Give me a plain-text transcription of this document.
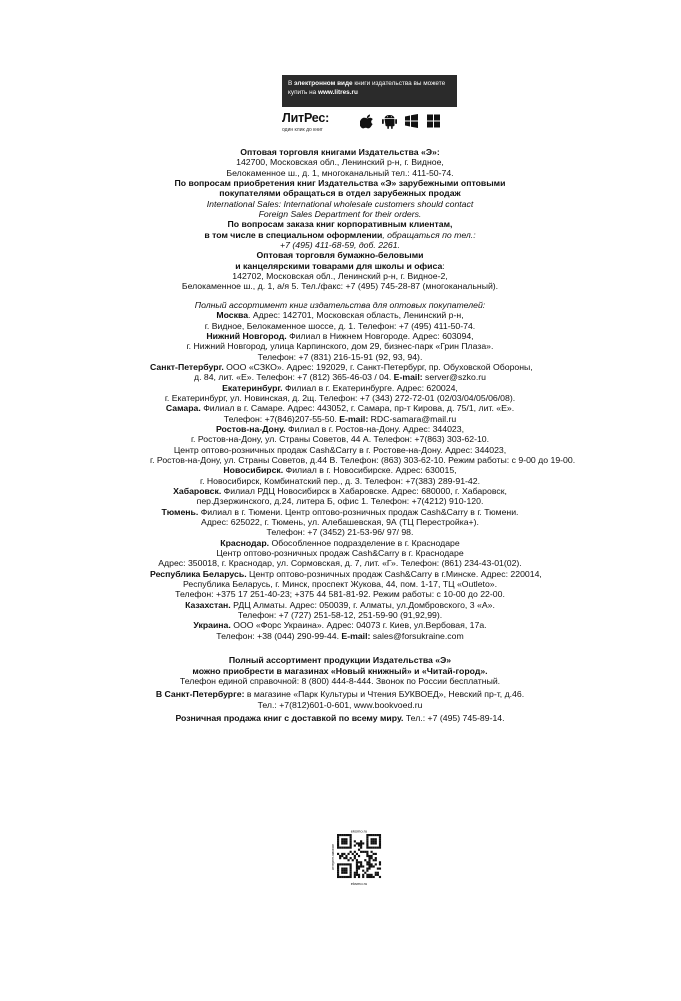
В электронном виде книги издательства вы можете
купить на www.litres.ru
ЛитРес:
один клик до книг

Оптовая торговля книгами Издательства «Э»:

142700, Московская обл., Ленинский р-н, г. Видное,

Белокаменное ш., д. 1, многоканальный тел.: 411-50-74.

По вопросам приобретения книг Издательства «Э» зарубежными оптовыми

покупателями обращаться в отдел зарубежных продаж

International Sales: International wholesale customers should contact

Foreign Sales Department for their orders.

По вопросам заказа книг корпоративным клиентам,

в том числе в специальном оформлении, обращаться по тел.:

+7 (495) 411-68-59, доб. 2261.

Оптовая торговля бумажно-беловыми

и канцелярскими товарами для школы и офиса:

142702, Московская обл., Ленинский р-н, г. Видное-2,

Белокаменное ш., д. 1, а/я 5. Тел./факс: +7 (495) 745-28-87 (многоканальный).

Полный ассортимент книг издательства для оптовых покупателей:

Москва. Адрес: 142701, Московская область, Ленинский р-н,

г. Видное, Белокаменное шоссе, д. 1. Телефон: +7 (495) 411-50-74.

Нижний Новгород. Филиал в Нижнем Новгороде. Адрес: 603094,

г. Нижний Новгород, улица Карпинского, дом 29, бизнес-парк «Грин Плаза».

Телефон: +7 (831) 216-15-91 (92, 93, 94).

Санкт-Петербург. ООО «СЗКО». Адрес: 192029, г. Санкт-Петербург, пр. Обуховской Обороны,

д. 84, лит. «Е». Телефон: +7 (812) 365-46-03 / 04. E-mail: server@szko.ru

Екатеринбург. Филиал в г. Екатеринбурге. Адрес: 620024,

г. Екатеринбург, ул. Новинская, д. 2щ. Телефон: +7 (343) 272-72-01 (02/03/04/05/06/08).

Самара. Филиал в г. Самаре. Адрес: 443052, г. Самара, пр-т Кирова, д. 75/1, лит. «Е».

Телефон: +7(846)207-55-50. E-mail: RDC-samara@mail.ru

Ростов-на-Дону. Филиал в г. Ростов-на-Дону. Адрес: 344023,

г. Ростов-на-Дону, ул. Страны Советов, 44 А. Телефон: +7(863) 303-62-10.

Центр оптово-розничных продаж Cash&Carry в г. Ростове-на-Дону. Адрес: 344023,

г. Ростов-на-Дону, ул. Страны Советов, д.44 В. Телефон: (863) 303-62-10. Режим работы: с 9-00 до 19-00.

Новосибирск. Филиал в г. Новосибирске. Адрес: 630015,

г. Новосибирск, Комбинатский пер., д. 3. Телефон: +7(383) 289-91-42.

Хабаровск. Филиал РДЦ Новосибирск в Хабаровске. Адрес: 680000, г. Хабаровск,

пер.Дзержинского, д.24, литера Б, офис 1. Телефон: +7(4212) 910-120.

Тюмень. Филиал в г. Тюмени. Центр оптово-розничных продаж Cash&Carry в г. Тюмени.

Адрес: 625022, г. Тюмень, ул. Алебашевская, 9А (ТЦ Перестройка+).

Телефон: +7 (3452) 21-53-96/ 97/ 98.

Краснодар. Обособленное подразделение в г. Краснодаре

Центр оптово-розничных продаж Cash&Carry в г. Краснодаре

Адрес: 350018, г. Краснодар, ул. Сормовская, д. 7, лит. «Г». Телефон: (861) 234-43-01(02).

Республика Беларусь. Центр оптово-розничных продаж Cash&Carry в г.Минске. Адрес: 220014,

Республика Беларусь, г. Минск, проспект Жукова, 44, пом. 1-17, ТЦ «Outleto».

Телефон: +375 17 251-40-23; +375 44 581-81-92. Режим работы: с 10-00 до 22-00.

Казахстан. РДЦ Алматы. Адрес: 050039, г. Алматы, ул.Домбровского, 3 «А».

Телефон: +7 (727) 251-58-12, 251-59-90 (91,92,99).

Украина. ООО «Форс Украина». Адрес: 04073 г. Киев, ул.Вербовая, 17а.

Телефон: +38 (044) 290-99-44. E-mail: sales@forsukraine.com

Полный ассортимент продукции Издательства «Э»

можно приобрести в магазинах «Новый книжный» и «Читай-город».

Телефон единой справочной: 8 (800) 444-8-444. Звонок по России бесплатный.

В Санкт-Петербурге: в магазине «Парк Культуры и Чтения БУКВОЕД», Невский пр-т, д.46.

Тел.: +7(812)601-0-601, www.bookvoed.ru

Розничная продажа книг с доставкой по всему миру. Тел.: +7 (495) 745-89-14.

eksmo.ru
интернет-магазин
eksmo.ru
